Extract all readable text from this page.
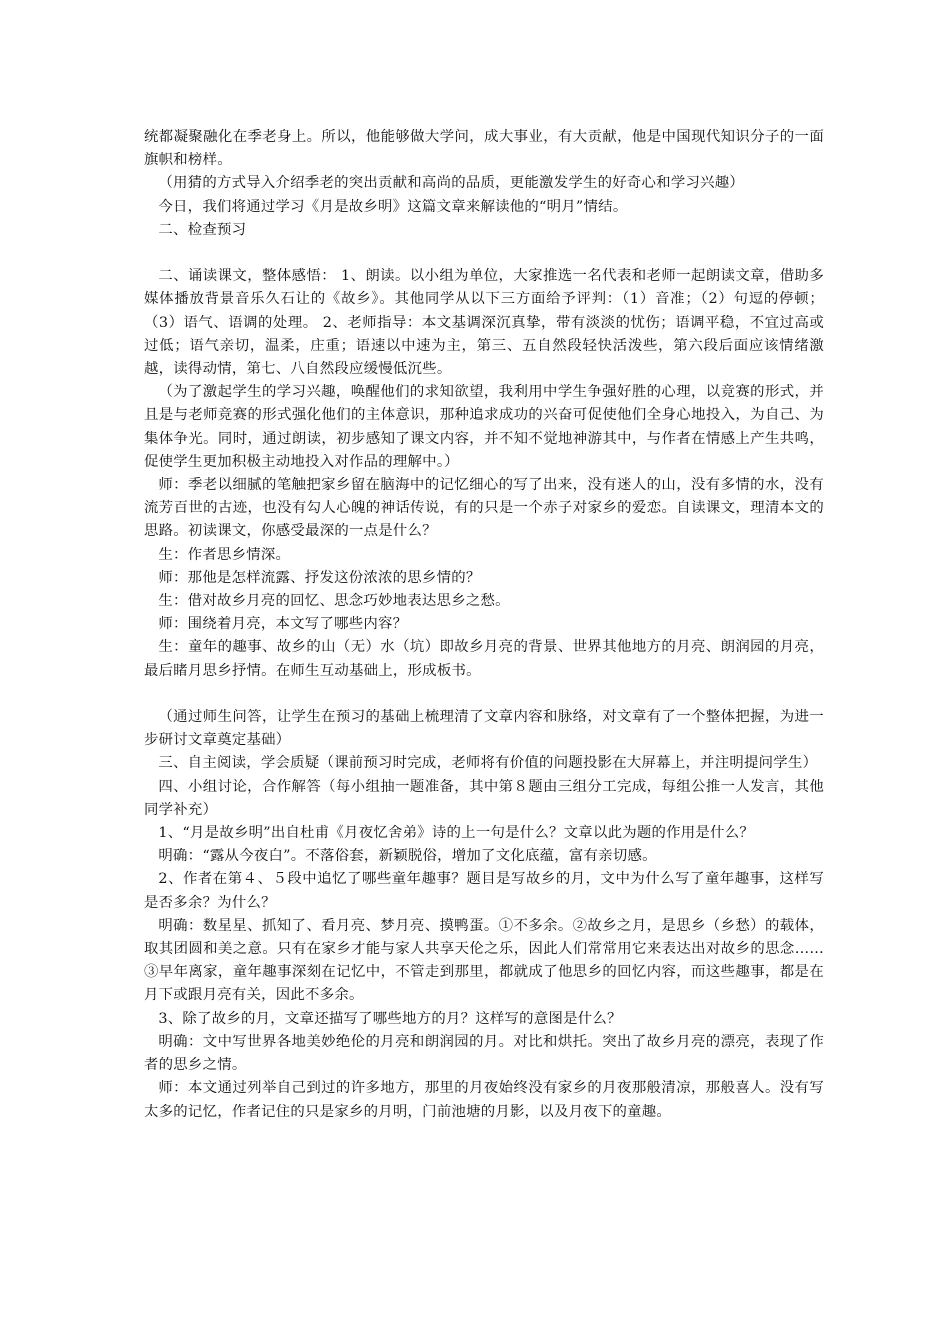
统都凝聚融化在季老身上。所以，他能够做大学问，成大事业，有大贡献，他是中国现代知识分子的一面旗帜和榜样。

（用猜的方式导入介绍季老的突出贡献和高尚的品质，更能激发学生的好奇心和学习兴趣）

今日，我们将通过学习《月是故乡明》这篇文章来解读他的“明月”情结。

二、检查预习

二、诵读课文，整体感悟： 1、朗读。以小组为单位，大家推选一名代表和老师一起朗读文章，借助多媒体播放背景音乐久石让的《故乡》。其他同学从以下三方面给予评判：（1）音准；（2）句逗的停顿；（3）语气、语调的处理。 2、老师指导：本文基调深沉真挚，带有淡淡的忧伤；语调平稳，不宜过高或过低；语气亲切，温柔，庄重；语速以中速为主，第三、五自然段轻快活泼些，第六段后面应该情绪激越，读得动情，第七、八自然段应缓慢低沉些。

（为了激起学生的学习兴趣，唤醒他们的求知欲望，我利用中学生争强好胜的心理，以竞赛的形式，并且是与老师竞赛的形式强化他们的主体意识，那种追求成功的兴奋可促使他们全身心地投入，为自己、为集体争光。同时，通过朗读，初步感知了课文内容，并不知不觉地神游其中，与作者在情感上产生共鸣，促使学生更加积极主动地投入对作品的理解中。）

师：季老以细腻的笔触把家乡留在脑海中的记忆细心的写了出来，没有迷人的山，没有多情的水，没有流芳百世的古迹，也没有勾人心魄的神话传说，有的只是一个赤子对家乡的爱恋。自读课文，理清本文的思路。初读课文，你感受最深的一点是什么？

生：作者思乡情深。

师：那他是怎样流露、抒发这份浓浓的思乡情的？

生：借对故乡月亮的回忆、思念巧妙地表达思乡之愁。

师：围绕着月亮，本文写了哪些内容？

生：童年的趣事、故乡的山（无）水（坑）即故乡月亮的背景、世界其他地方的月亮、朗润园的月亮，最后睹月思乡抒情。在师生互动基础上，形成板书。

（通过师生问答，让学生在预习的基础上梳理清了文章内容和脉络，对文章有了一个整体把握，为进一步研讨文章奠定基础）

三、自主阅读，学会质疑（课前预习时完成，老师将有价值的问题投影在大屏幕上，并注明提问学生）

四、小组讨论，合作解答（每小组抽一题准备，其中第８题由三组分工完成，每组公推一人发言，其他同学补充）

1、“月是故乡明”出自杜甫《月夜忆舍弟》诗的上一句是什么？文章以此为题的作用是什么？

明确：“露从今夜白”。不落俗套，新颖脱俗，增加了文化底蕴，富有亲切感。

2、作者在第４、５段中追忆了哪些童年趣事？题目是写故乡的月，文中为什么写了童年趣事，这样写是否多余？为什么？

明确：数星星、抓知了、看月亮、梦月亮、摸鸭蛋。①不多余。②故乡之月，是思乡（乡愁）的载体，取其团圆和美之意。只有在家乡才能与家人共享天伦之乐，因此人们常常用它来表达出对故乡的思念……③早年离家，童年趣事深刻在记忆中，不管走到那里，都就成了他思乡的回忆内容，而这些趣事，都是在月下或跟月亮有关，因此不多余。

3、除了故乡的月，文章还描写了哪些地方的月？这样写的意图是什么？

明确：文中写世界各地美妙绝伦的月亮和朗润园的月。对比和烘托。突出了故乡月亮的漂亮，表现了作者的思乡之情。

师：本文通过列举自己到过的许多地方，那里的月夜始终没有家乡的月夜那般清凉，那般喜人。没有写太多的记忆，作者记住的只是家乡的月明，门前池塘的月影，以及月夜下的童趣。
